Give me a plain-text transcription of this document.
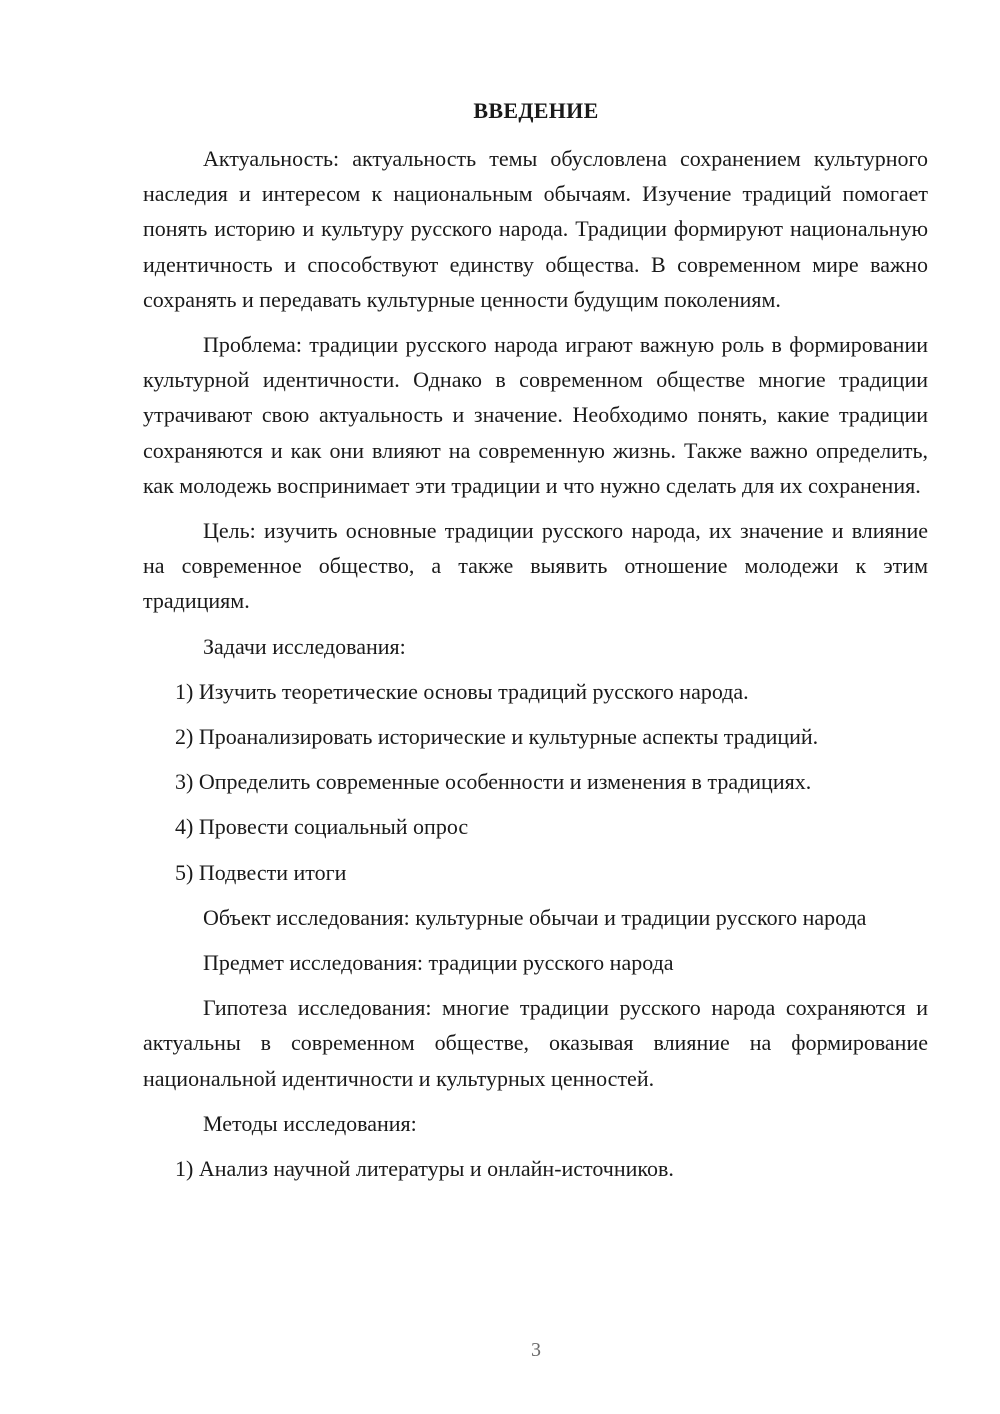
ВВЕДЕНИЕ

Актуальность: актуальность темы обусловлена сохранением культурного наследия и интересом к национальным обычаям. Изучение традиций помогает понять историю и культуру русского народа. Традиции формируют национальную идентичность и способствуют единству общества. В современном мире важно сохранять и передавать культурные ценности будущим поколениям.

Проблема: традиции русского народа играют важную роль в формировании культурной идентичности. Однако в современном обществе многие традиции утрачивают свою актуальность и значение. Необходимо понять, какие традиции сохраняются и как они влияют на современную жизнь. Также важно определить, как молодежь воспринимает эти традиции и что нужно сделать для их сохранения.

Цель: изучить основные традиции русского народа, их значение и влияние на современное общество, а также выявить отношение молодежи к этим традициям.

Задачи исследования:

1) Изучить теоретические основы традиций русского народа.

2) Проанализировать исторические и культурные аспекты традиций.

3) Определить современные особенности и изменения в традициях.

4) Провести социальный опрос

5) Подвести итоги

Объект исследования: культурные обычаи и традиции русского народа

Предмет исследования: традиции русского народа

Гипотеза исследования: многие традиции русского народа сохраняются и актуальны в современном обществе, оказывая влияние на формирование национальной идентичности и культурных ценностей.

Методы исследования:

1) Анализ научной литературы и онлайн-источников.

3
